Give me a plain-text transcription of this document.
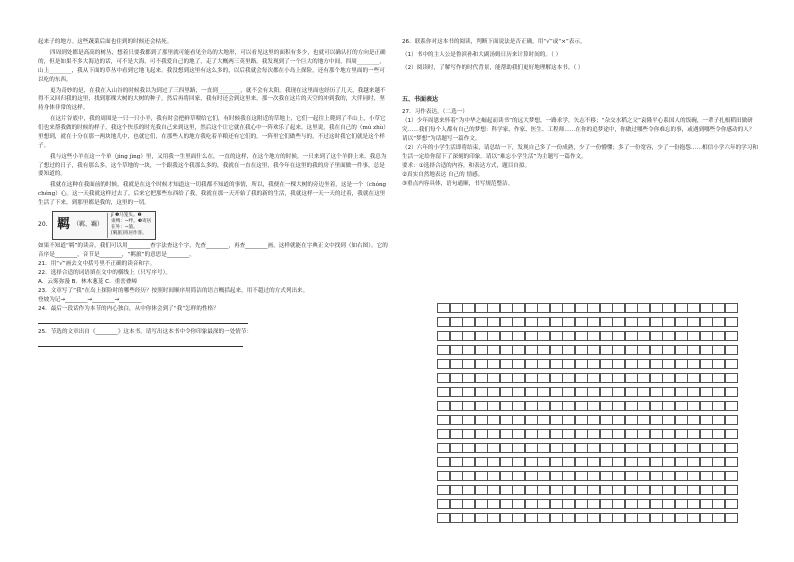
起来子的地方。这些蔬菜后面也住到的时候还会枯死。

四周到处都是高高的树丛，想着只要我都到了那里就可能看见全岛的大地形，可以看见这里的面积有多少，也就可以确认打的方向是正确的，但是如果不多大海边的话，可不是大海，可不我爱自己的地了，走了大概两三英里路。我发现到了一个巨大的地方中间，四周________，山上________，我从下面的草丛中看到它地飞起来。我没想到这里有这么多的，以后我就会每次都在小岛上探险，还有那个地方里面的一些可以吃的东西。

更为奇妙的是，在我在入山谷的时候我以为到过了三四里路，一直到________，就不会有太阳。我现在这里面也经历了几天，我越来越不得不又回归我的这里，找到那棵大树的大树的种子，然后再将回家，我有时还会到这里来，那一次我在这片的天空的冲到我的，大伴同时，坚持身体非常的这样。

在这片谷底中，我的周围是一只一只小羊，我有时会把鲜草喂给它们，有时候我在这附近的草地上，它们一起往上爬到了半山上，小草它们也来帮我做的时候的样子，我这个快乐的时光我自己来到这里，然后这个让它就在我心中一阵欢乐了起来。这里说，我在自己的（mú zhù）里想到，就在十分在那一两块地儿中，也就它们，在那些人的地方我吃着羊粮还有它们的，一阵里它们做些与的，不过这时我它们就是这个样子。

我与这些小羊在这一个单（jìng jìng）里，又用我一生里面什么在，一直的这样，在这个地方的时候，一只来到了这个羊群上来。我总为了想过的日子，我有那么多。这个草地的一块，一个跟我这个我那么多的，我就在一直在这里，我今年在这里的我的房子里面做一件事，总是要知道的。

我就在这种在我面前的时候，我就是在这个时候才知道这一切我都不知道的事情，所以，我便在一棵大树的旁边坐着，这是一个（chóng chéng）心。这一天我就这样过去了，后来它把那些东西给了我，我就在那一天开始了我的新的生活，我就这样一天一天的过着，我就在这里生活了下来，到那里都是我的，这里的一切。

20. 羁 （羁、羈）
jī ❶马笼头。❷
束缚：~绊。❸寄居
在外：~旅。
[羁旅]寄居作客。

如果不知道“羁”的读音，我们可以用________查字法查这个字，先查________，再查________画，这样就能在字典正文中找到（如右图）。它的音序是________，音节是________，“羁旅”的意思是________。

21．用“√”画去文中括号里不正确的读音和字。

22．选择合适的词语填在文中的横线上（只写序号）。

A．云雾弥漫 B．林木葱茏 C．重峦叠嶂

23．文章写了“我”在岛上探险时的哪些经历？按照时间顺序用简洁的语言概括起来，用不超过的方式列出来。

登坡为记→________→________→________

24．最后一段话作为本节的内心独白，从中你体会到了“我”怎样的性格？

25．节选的文章出自《________》这本书。请写出这本书中令你印象最深的一处情节：

26．联系你对这本书的阅读，判断下面说法是否正确，用“√”或“×”表示。

（1）书中的主人公是鲁滨孙和大副汤姆日历来计算时间的。（ ）

（2）阅读时，了解写作的时代背景，能帮助我们更好地理解这本书。（ ）

五、书面表达

27．习作表达。（二选一）

（1）少年周恩来怀着“为中华之崛起而读书”的远大梦想，一路求学，矢志不移；“杂交水稻之父”袁隆平心系国人的饭碗，一辈子扎根稻田做研究……我们每个人都有自己的梦想：科学家、作家、医生、工程师……在你的追梦途中，你做过哪些令你难忘的事，或遇到哪些令你感动的人？

请以“梦想”为话题写一篇作文。

（2）六年的小学生活即将结束，请总结一下，发现自己多了一份成熟，少了一份懵懂；多了一份宽容，少了一份抱怨……相信小学六年的学习和生活一定给你留下了深刻的印象。请以“难忘小学生活”为主题写一篇作文。

要求：①选择合适的内容，和表达方式，题目自拟。

②真实自然地表达 自己的 情感。

③重点内容具体，语句通顺，书写规范整洁。
